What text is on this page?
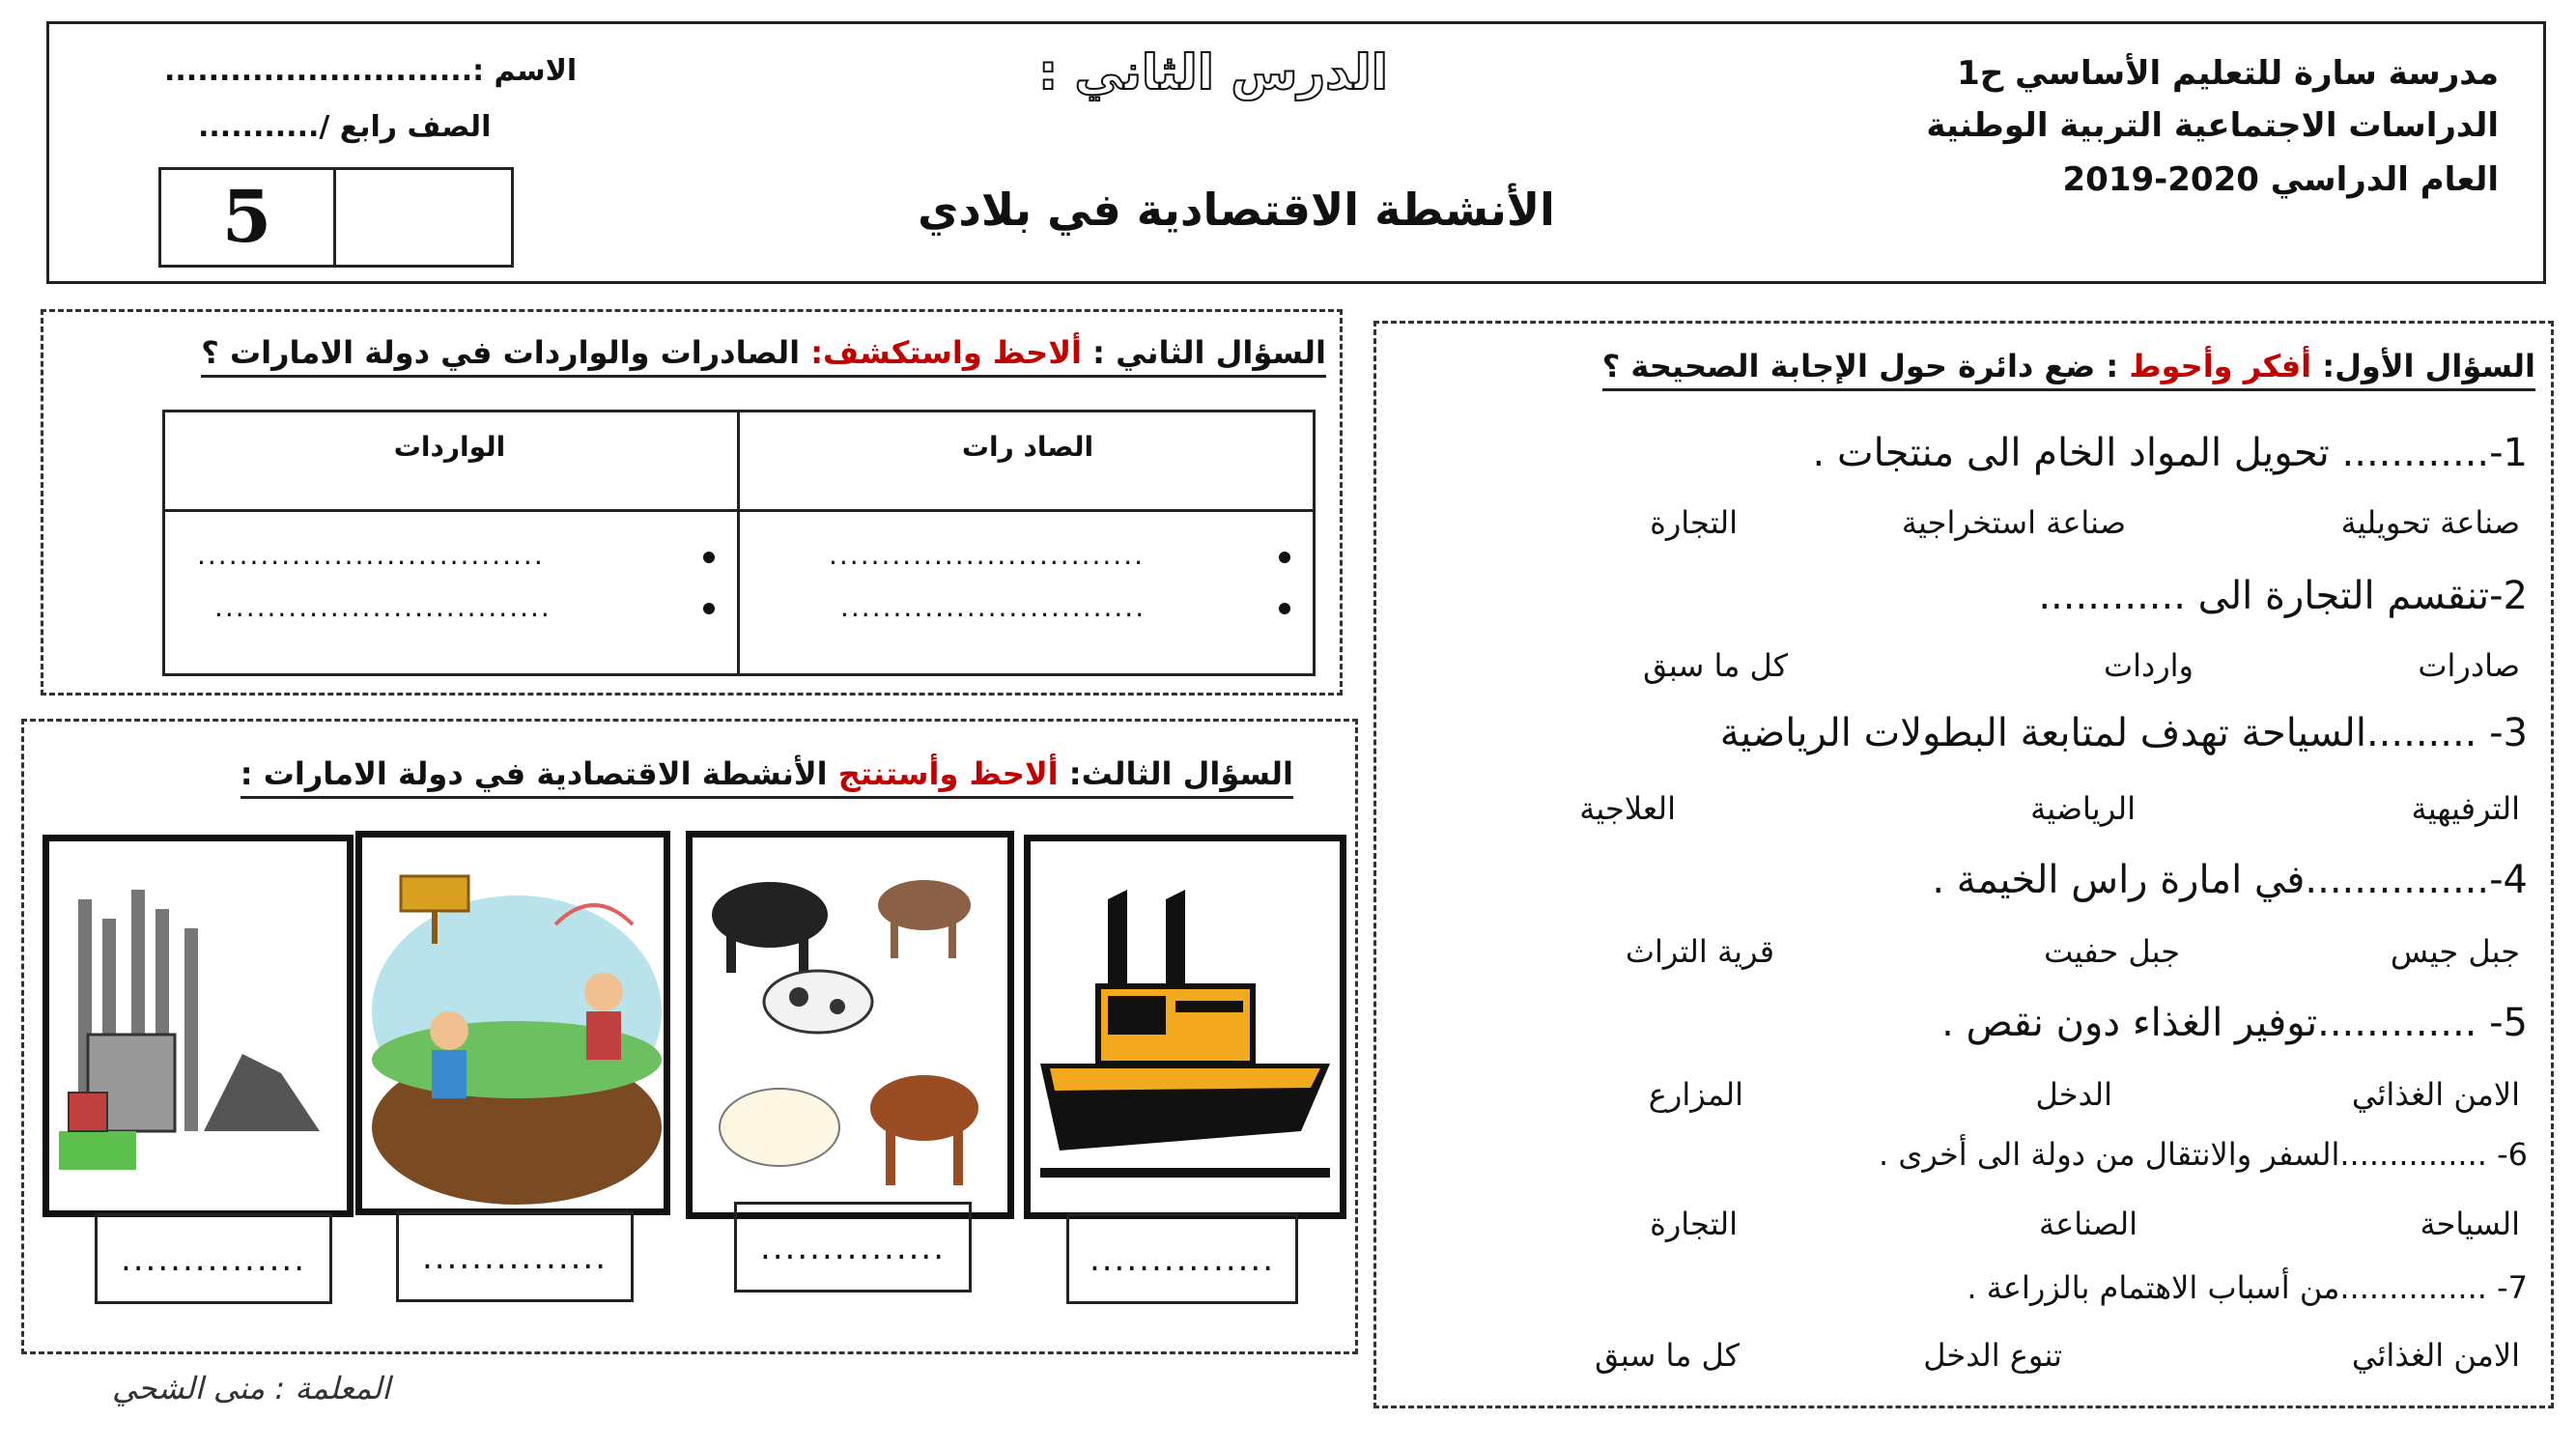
مدرسة سارة للتعليم الأساسي ح1
الدراسات الاجتماعية التربية الوطنية
العام الدراسي 2020-2019
الدرس الثاني :
الأنشطة الاقتصادية في بلادي
الاسم :............................
الصف رابع /...........
5
السؤال الأول: أفكر وأحوط : ضع دائرة حول الإجابة الصحيحة ؟
1-............ تحويل المواد الخام الى منتجات .
صناعة تحويلية
صناعة استخراجية
التجارة
2-تنقسم التجارة الى ............
صادرات
واردات
كل ما سبق
3- .........السياحة تهدف لمتابعة البطولات الرياضية
الترفيهية
الرياضية
العلاجية
4-...............في امارة راس الخيمة .
جبل جيس
جبل حفيت
قرية التراث
5- .............توفير الغذاء دون نقص .
الامن الغذائي
الدخل
المزارع
6- ...............السفر والانتقال من دولة الى أخرى .
السياحة
الصناعة
التجارة
7- ...............من أسباب الاهتمام بالزراعة .
الامن الغذائي
تنوع الدخل
كل ما سبق
السؤال الثاني : ألاحظ واستكشف: الصادرات والواردات في دولة الامارات ؟
الصاد رات
الواردات
..............................
.............................
.................................
................................
السؤال الثالث: ألاحظ وأستنتج الأنشطة الاقتصادية في دولة الامارات :
...............
...............
...............
...............
المعلمة : منى الشحي
